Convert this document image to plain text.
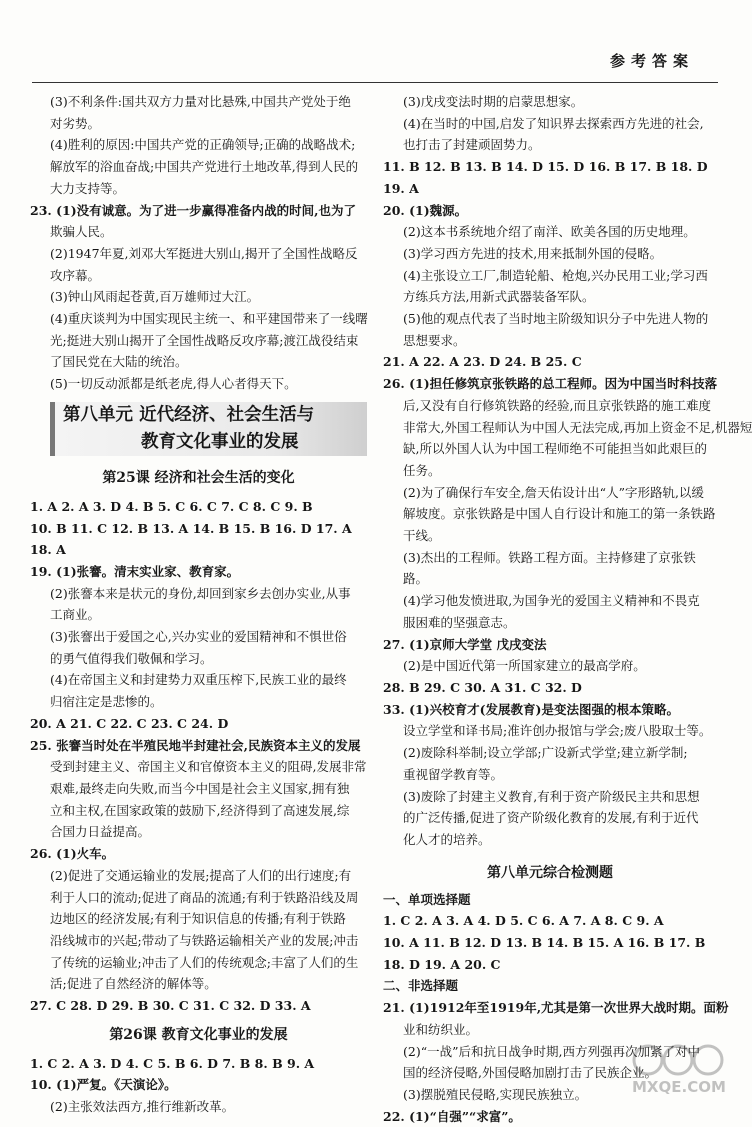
参考答案
(3)不利条件:国共双方力量对比悬殊,中国共产党处于绝
对劣势。
(4)胜利的原因:中国共产党的正确领导;正确的战略战术;
解放军的浴血奋战;中国共产党进行土地改革,得到人民的
大力支持等。
23. (1)没有诚意。为了进一步赢得准备内战的时间,也为了
欺骗人民。
(2)1947年夏,刘邓大军挺进大别山,揭开了全国性战略反
攻序幕。
(3)钟山风雨起苍黄,百万雄师过大江。
(4)重庆谈判为中国实现民主统一、和平建国带来了一线曙
光;挺进大别山揭开了全国性战略反攻序幕;渡江战役结束
了国民党在大陆的统治。
(5)一切反动派都是纸老虎,得人心者得天下。
第八单元 近代经济、社会生活与
教育文化事业的发展
第25课 经济和社会生活的变化
1. A 2. A 3. D 4. B 5. C 6. C 7. C 8. C 9. B
10. B 11. C 12. B 13. A 14. B 15. B 16. D 17. A
18. A
19. (1)张謇。清末实业家、教育家。
(2)张謇本来是状元的身份,却回到家乡去创办实业,从事
工商业。
(3)张謇出于爱国之心,兴办实业的爱国精神和不惧世俗
的勇气值得我们敬佩和学习。
(4)在帝国主义和封建势力双重压榨下,民族工业的最终
归宿注定是悲惨的。
20. A 21. C 22. C 23. C 24. D
25. 张謇当时处在半殖民地半封建社会,民族资本主义的发展
受到封建主义、帝国主义和官僚资本主义的阻碍,发展非常
艰难,最终走向失败,而当今中国是社会主义国家,拥有独
立和主权,在国家政策的鼓励下,经济得到了高速发展,综
合国力日益提高。
26. (1)火车。
(2)促进了交通运输业的发展;提高了人们的出行速度;有
利于人口的流动;促进了商品的流通;有利于铁路沿线及周
边地区的经济发展;有利于知识信息的传播;有利于铁路
沿线城市的兴起;带动了与铁路运输相关产业的发展;冲击
了传统的运输业;冲击了人们的传统观念;丰富了人们的生
活;促进了自然经济的解体等。
27. C 28. D 29. B 30. C 31. C 32. D 33. A
第26课 教育文化事业的发展
1. C 2. A 3. D 4. C 5. B 6. D 7. B 8. B 9. A
10. (1)严复。《天演论》。
(2)主张效法西方,推行维新改革。
(3)戊戌变法时期的启蒙思想家。
(4)在当时的中国,启发了知识界去探索西方先进的社会,
也打击了封建顽固势力。
11. B 12. B 13. B 14. D 15. D 16. B 17. B 18. D
19. A
20. (1)魏源。
(2)这本书系统地介绍了南洋、欧美各国的历史地理。
(3)学习西方先进的技术,用来抵制外国的侵略。
(4)主张设立工厂,制造轮船、枪炮,兴办民用工业;学习西
方练兵方法,用新式武器装备军队。
(5)他的观点代表了当时地主阶级知识分子中先进人物的
思想要求。
21. A 22. A 23. D 24. B 25. C
26. (1)担任修筑京张铁路的总工程师。因为中国当时科技落
后,又没有自行修筑铁路的经验,而且京张铁路的施工难度
非常大,外国工程师认为中国人无法完成,再加上资金不足,机器短
缺,所以外国人认为中国工程师绝不可能担当如此艰巨的
任务。
(2)为了确保行车安全,詹天佑设计出“人”字形路轨,以缓
解坡度。京张铁路是中国人自行设计和施工的第一条铁路
干线。
(3)杰出的工程师。铁路工程方面。主持修建了京张铁
路。
(4)学习他发愤进取,为国争光的爱国主义精神和不畏克
服困难的坚强意志。
27. (1)京师大学堂 戊戌变法
(2)是中国近代第一所国家建立的最高学府。
28. B 29. C 30. A 31. C 32. D
33. (1)兴校育才(发展教育)是变法图强的根本策略。
设立学堂和译书局;准许创办报馆与学会;废八股取士等。
(2)废除科举制;设立学部;广设新式学堂;建立新学制;
重视留学教育等。
(3)废除了封建主义教育,有利于资产阶级民主共和思想
的广泛传播,促进了资产阶级化教育的发展,有利于近代
化人才的培养。
第八单元综合检测题
一、单项选择题
1. C 2. A 3. A 4. D 5. C 6. A 7. A 8. C 9. A
10. A 11. B 12. D 13. B 14. B 15. A 16. B 17. B
18. D 19. A 20. C
二、非选择题
21. (1)1912年至1919年,尤其是第一次世界大战时期。面粉
业和纺织业。
(2)“一战”后和抗日战争时期,西方列强再次加紧了对中
国的经济侵略,外国侵略加剧打击了民族企业。
(3)摆脱殖民侵略,实现民族独立。
22. (1)“自强”“求富”。
MXQE.COM
